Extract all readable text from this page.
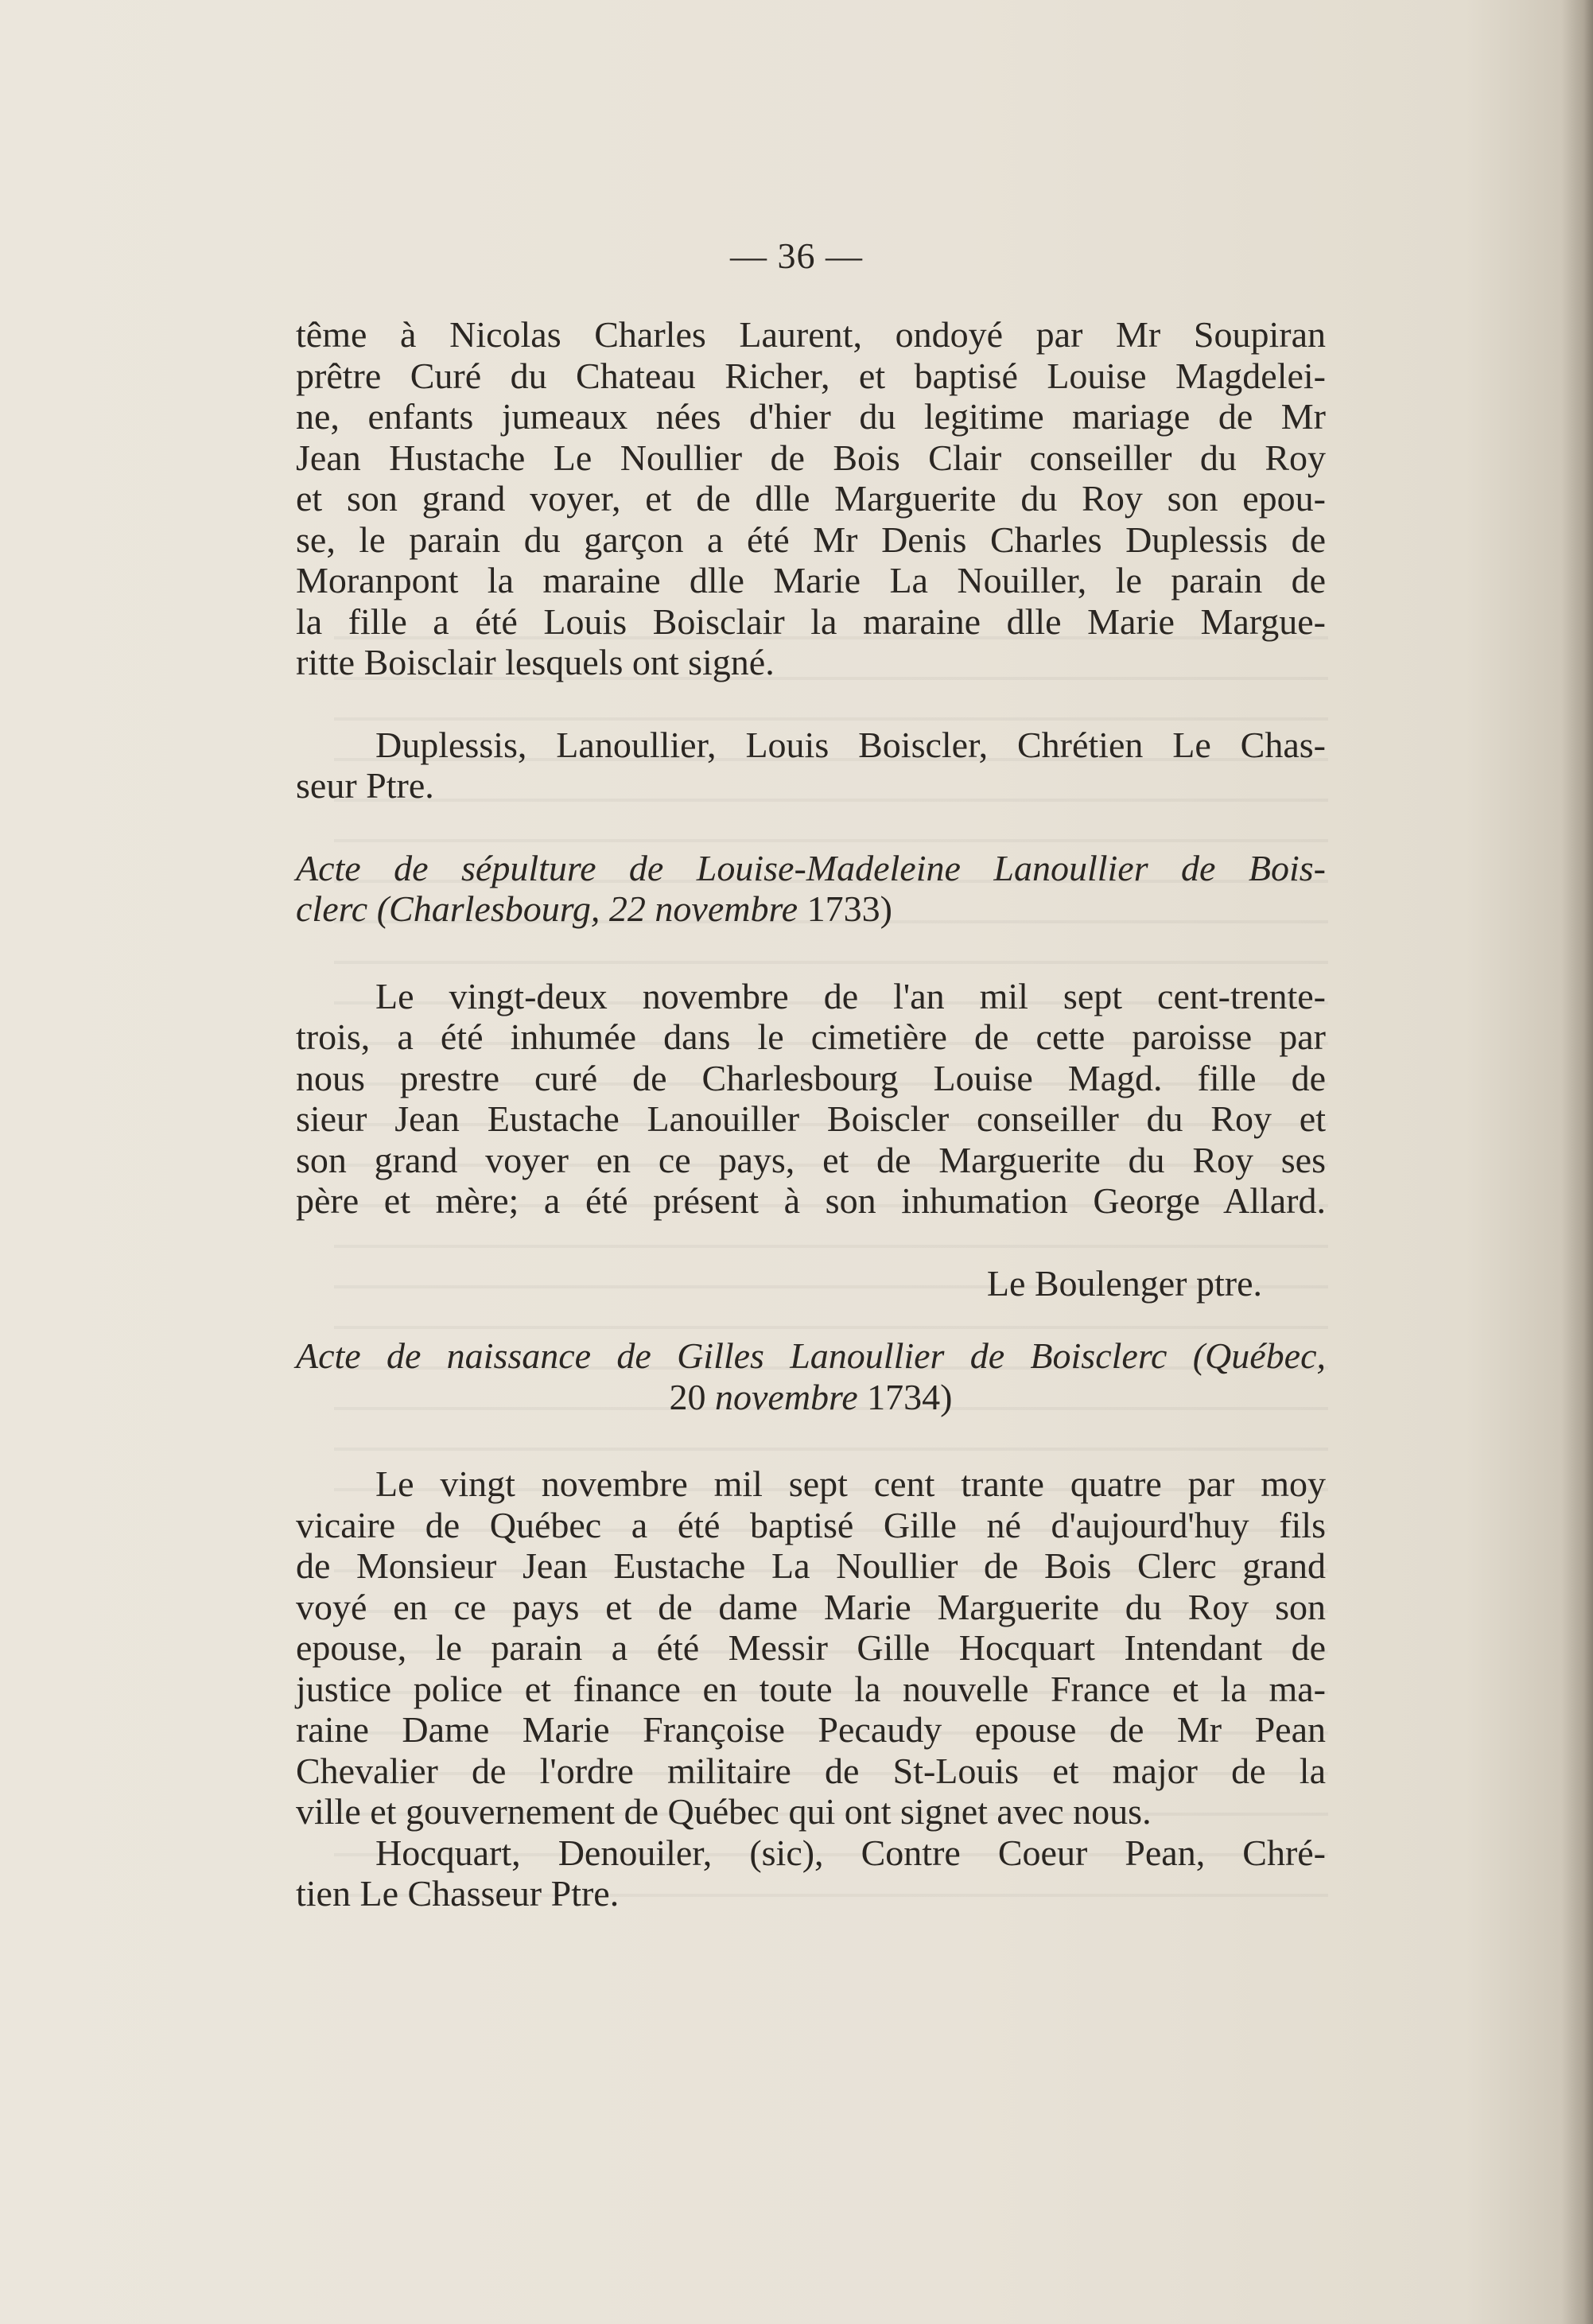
— 36 —

tême à Nicolas Charles Laurent, ondoyé par Mr Soupiran
prêtre Curé du Chateau Richer, et baptisé Louise Magdelei-
ne, enfants jumeaux nées d'hier du legitime mariage de Mr
Jean Hustache Le Noullier de Bois Clair conseiller du Roy
et son grand voyer, et de dlle Marguerite du Roy son epou-
se, le parain du garçon a été Mr Denis Charles Duplessis de
Moranpont la maraine dlle Marie La Nouiller, le parain de
la fille a été Louis Boisclair la maraine dlle Marie Margue-
ritte Boisclair lesquels ont signé.

Duplessis, Lanoullier, Louis Boiscler, Chrétien Le Chas-
seur Ptre.

Acte de sépulture de Louise-Madeleine Lanoullier de Bois-
clerc (Charlesbourg, 22 novembre 1733)

Le vingt-deux novembre de l'an mil sept cent-trente-
trois, a été inhumée dans le cimetière de cette paroisse par
nous prestre curé de Charlesbourg Louise Magd. fille de
sieur Jean Eustache Lanouiller Boiscler conseiller du Roy et
son grand voyer en ce pays, et de Marguerite du Roy ses
père et mère; a été présent à son inhumation George Allard.

Le Boulenger ptre.

Acte de naissance de Gilles Lanoullier de Boisclerc (Québec,
20 novembre 1734)

Le vingt novembre mil sept cent trante quatre par moy
vicaire de Québec a été baptisé Gille né d'aujourd'huy fils
de Monsieur Jean Eustache La Noullier de Bois Clerc grand
voyé en ce pays et de dame Marie Marguerite du Roy son
epouse, le parain a été Messir Gille Hocquart Intendant de
justice police et finance en toute la nouvelle France et la ma-
raine Dame Marie Françoise Pecaudy epouse de Mr Pean
Chevalier de l'ordre militaire de St-Louis et major de la
ville et gouvernement de Québec qui ont signet avec nous.

Hocquart, Denouiler, (sic), Contre Coeur Pean, Chré-
tien Le Chasseur Ptre.
